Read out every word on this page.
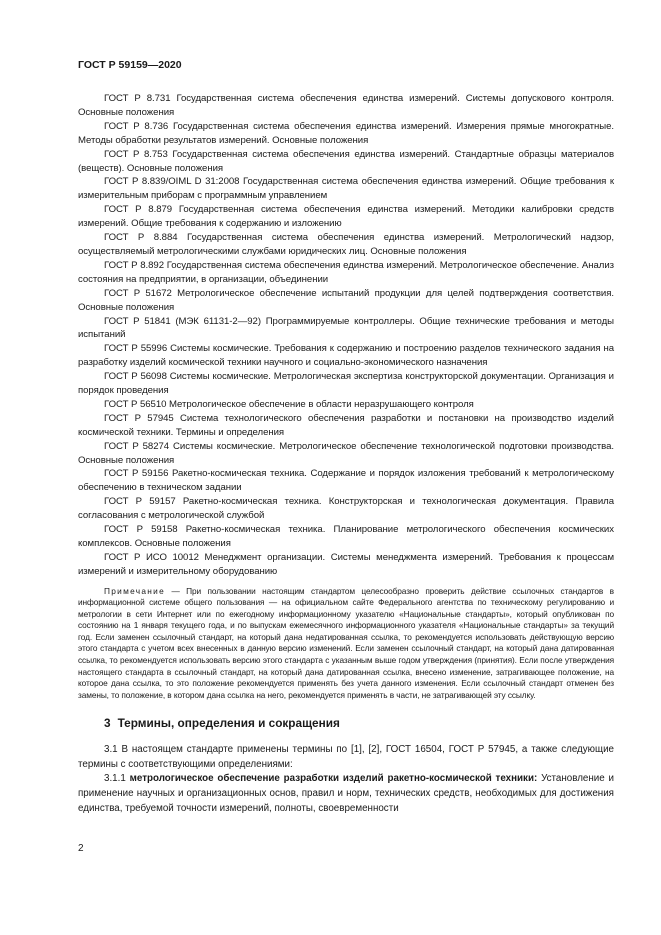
ГОСТ Р 59159—2020

ГОСТ Р 8.731 Государственная система обеспечения единства измерений. Системы допускового контроля. Основные положения

ГОСТ Р 8.736 Государственная система обеспечения единства измерений. Измерения прямые многократные. Методы обработки результатов измерений. Основные положения

ГОСТ Р 8.753 Государственная система обеспечения единства измерений. Стандартные образцы материалов (веществ). Основные положения

ГОСТ Р 8.839/OIML D 31:2008 Государственная система обеспечения единства измерений. Общие требования к измерительным приборам с программным управлением

ГОСТ Р 8.879 Государственная система обеспечения единства измерений. Методики калибровки средств измерений. Общие требования к содержанию и изложению

ГОСТ Р 8.884 Государственная система обеспечения единства измерений. Метрологический надзор, осуществляемый метрологическими службами юридических лиц. Основные положения

ГОСТ Р 8.892 Государственная система обеспечения единства измерений. Метрологическое обеспечение. Анализ состояния на предприятии, в организации, объединении

ГОСТ Р 51672 Метрологическое обеспечение испытаний продукции для целей подтверждения соответствия. Основные положения

ГОСТ Р 51841 (МЭК 61131-2—92) Программируемые контроллеры. Общие технические требования и методы испытаний

ГОСТ Р 55996 Системы космические. Требования к содержанию и построению разделов технического задания на разработку изделий космической техники научного и социально-экономического назначения

ГОСТ Р 56098 Системы космические. Метрологическая экспертиза конструкторской документации. Организация и порядок проведения

ГОСТ Р 56510 Метрологическое обеспечение в области неразрушающего контроля

ГОСТ Р 57945 Система технологического обеспечения разработки и постановки на производство изделий космической техники. Термины и определения

ГОСТ Р 58274 Системы космические. Метрологическое обеспечение технологической подготовки производства. Основные положения

ГОСТ Р 59156 Ракетно-космическая техника. Содержание и порядок изложения требований к метрологическому обеспечению в техническом задании

ГОСТ Р 59157 Ракетно-космическая техника. Конструкторская и технологическая документация. Правила согласования с метрологической службой

ГОСТ Р 59158 Ракетно-космическая техника. Планирование метрологического обеспечения космических комплексов. Основные положения

ГОСТ Р ИСО 10012 Менеджмент организации. Системы менеджмента измерений. Требования к процессам измерений и измерительному оборудованию

Примечание — При пользовании настоящим стандартом целесообразно проверить действие ссылочных стандартов в информационной системе общего пользования — на официальном сайте Федерального агентства по техническому регулированию и метрологии в сети Интернет или по ежегодному информационному указателю «Национальные стандарты», который опубликован по состоянию на 1 января текущего года, и по выпускам ежемесячного информационного указателя «Национальные стандарты» за текущий год. Если заменен ссылочный стандарт, на который дана недатированная ссылка, то рекомендуется использовать действующую версию этого стандарта с учетом всех внесенных в данную версию изменений. Если заменен ссылочный стандарт, на который дана датированная ссылка, то рекомендуется использовать версию этого стандарта с указанным выше годом утверждения (принятия). Если после утверждения настоящего стандарта в ссылочный стандарт, на который дана датированная ссылка, внесено изменение, затрагивающее положение, на которое дана ссылка, то это положение рекомендуется применять без учета данного изменения. Если ссылочный стандарт отменен без замены, то положение, в котором дана ссылка на него, рекомендуется применять в части, не затрагивающей эту ссылку.

3 Термины, определения и сокращения

3.1 В настоящем стандарте применены термины по [1], [2], ГОСТ 16504, ГОСТ Р 57945, а также следующие термины с соответствующими определениями:

3.1.1 метрологическое обеспечение разработки изделий ракетно-космической техники: Установление и применение научных и организационных основ, правил и норм, технических средств, необходимых для достижения единства, требуемой точности измерений, полноты, своевременности

2
